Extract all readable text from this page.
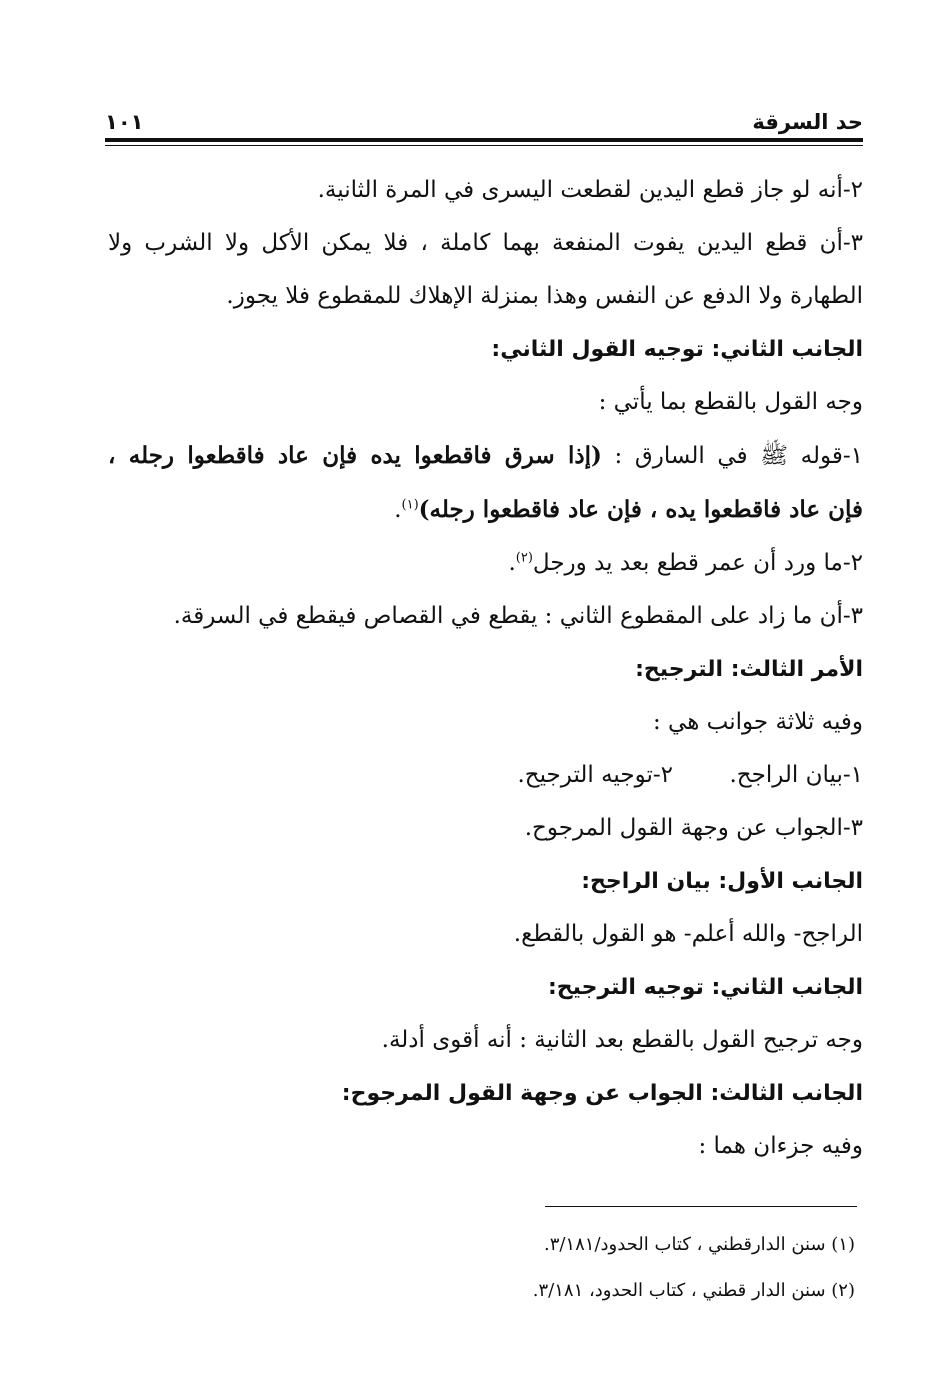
حد السرقة
١٠١
٢-أنه لو جاز قطع اليدين لقطعت اليسرى في المرة الثانية.
٣-أن قطع اليدين يفوت المنفعة بهما كاملة ، فلا يمكن الأكل ولا الشرب ولا
الطهارة ولا الدفع عن النفس وهذا بمنزلة الإهلاك للمقطوع فلا يجوز.
الجانب الثاني: توجيه القول الثاني:
وجه القول بالقطع بما يأتي :
١-قوله ﷺ في السارق : (إذا سرق فاقطعوا يده فإن عاد فاقطعوا رجله ،
فإن عاد فاقطعوا يده ، فإن عاد فاقطعوا رجله)$^{(١)}$.
٢-ما ورد أن عمر قطع بعد يد ورجل$^{(٢)}$.
٣-أن ما زاد على المقطوع الثاني : يقطع في القصاص فيقطع في السرقة.
الأمر الثالث: الترجيح:
وفيه ثلاثة جوانب هي :
١-بيان الراجح.
٢-توجيه الترجيح.
٣-الجواب عن وجهة القول المرجوح.
الجانب الأول: بيان الراجح:
الراجح- والله أعلم- هو القول بالقطع.
الجانب الثاني: توجيه الترجيح:
وجه ترجيح القول بالقطع بعد الثانية : أنه أقوى أدلة.
الجانب الثالث: الجواب عن وجهة القول المرجوح:
وفيه جزءان هما :
(١) سنن الدارقطني ، كتاب الحدود/٣/١٨١.
(٢) سنن الدار قطني ، كتاب الحدود، ٣/١٨١.
